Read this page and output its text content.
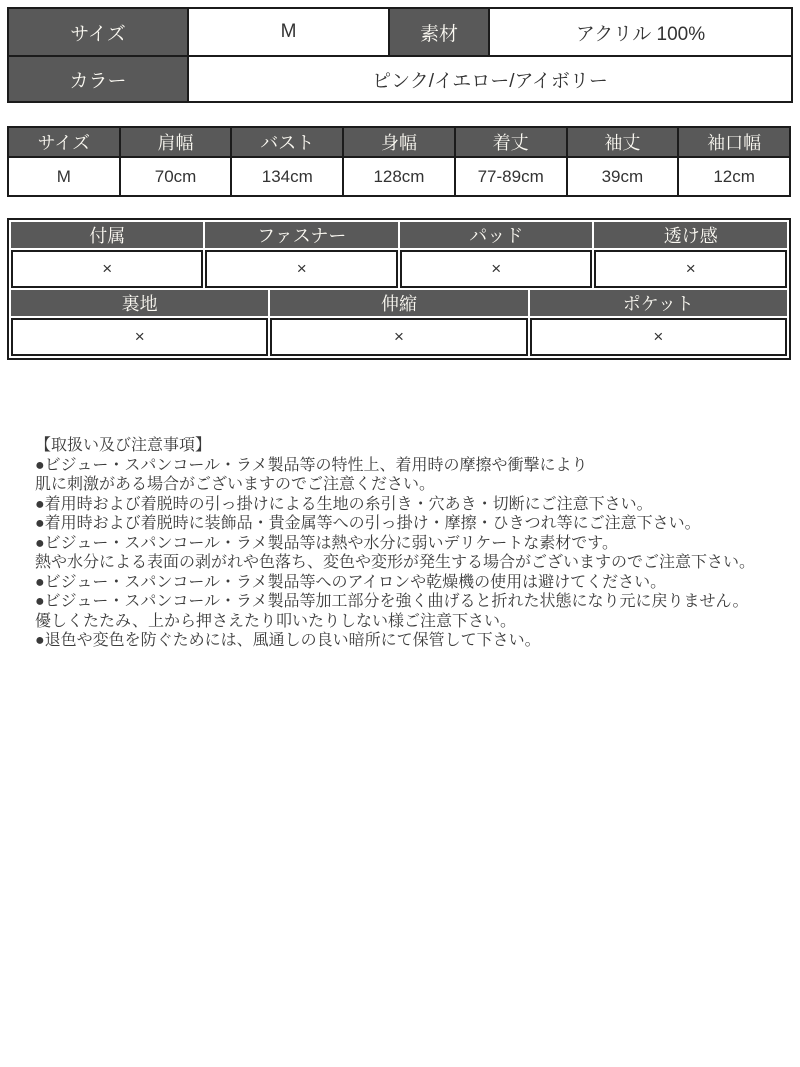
サイズ	M	素材	アクリル 100%
カラー	ピンク/イエロー/アイボリー		
サイズ	肩幅	バスト	身幅	着丈	袖丈	袖口幅
M	70cm	134cm	128cm	77-89cm	39cm	12cm
付属	ファスナー		パッド		透け感
×	×		×		×
裏地		伸縮		ポケット	
×		×		×	
【取扱い及び注意事項】
●ビジュー・スパンコール・ラメ製品等の特性上、着用時の摩擦や衝撃により
肌に刺激がある場合がございますのでご注意ください。
●着用時および着脱時の引っ掛けによる生地の糸引き・穴あき・切断にご注意下さい。
●着用時および着脱時に装飾品・貴金属等への引っ掛け・摩擦・ひきつれ等にご注意下さい。
●ビジュー・スパンコール・ラメ製品等は熱や水分に弱いデリケートな素材です。
熱や水分による表面の剥がれや色落ち、変色や変形が発生する場合がございますのでご注意下さい。
●ビジュー・スパンコール・ラメ製品等へのアイロンや乾燥機の使用は避けてください。
●ビジュー・スパンコール・ラメ製品等加工部分を強く曲げると折れた状態になり元に戻りません。
優しくたたみ、上から押さえたり叩いたりしない様ご注意下さい。
●退色や変色を防ぐためには、風通しの良い暗所にて保管して下さい。
